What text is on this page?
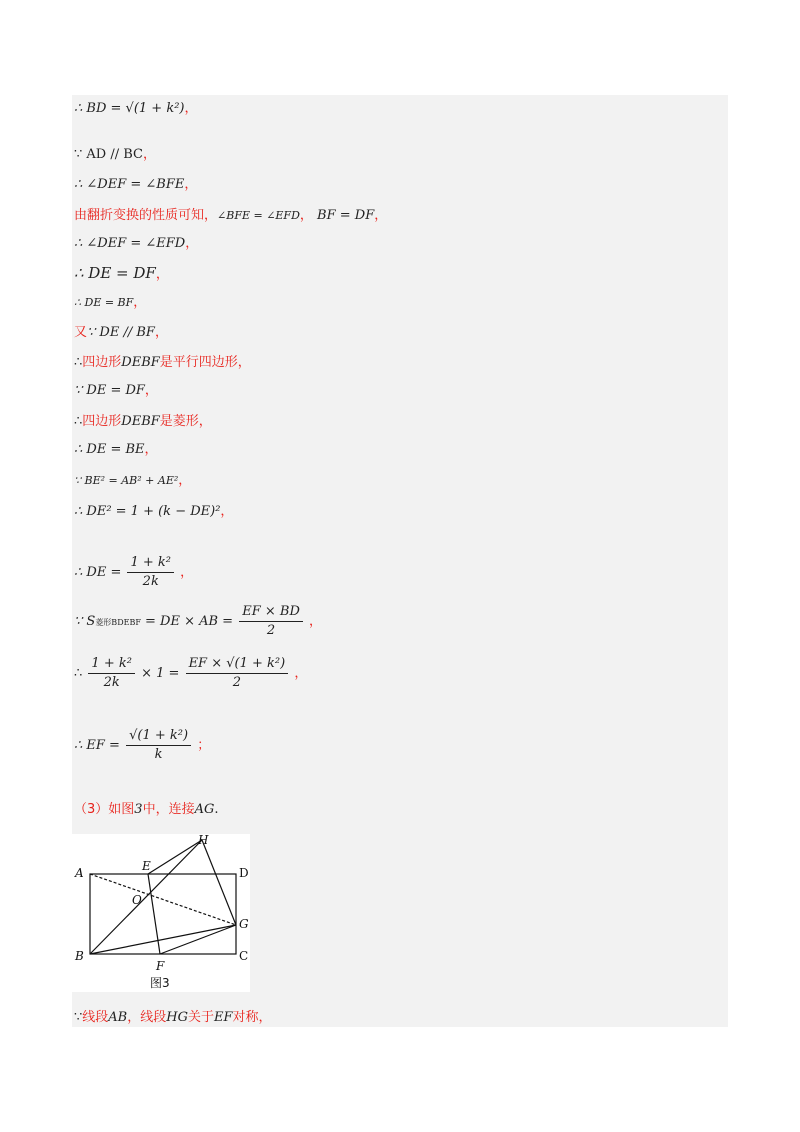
∴ BD = √(1 + k²)，
∵ AD // BC，
∴ ∠DEF = ∠BFE，
由翻折变换的性质可知，∠BFE = ∠EFD， BF = DF，
∴ ∠DEF = ∠EFD，
∴ DE = DF，
∴ DE = BF，
又∵ DE // BF，
∴四边形DEBF是平行四边形，
∵ DE = DF，
∴四边形DEBF是菱形，
∴ DE = BE，
∵ BE² = AB² + AE²，
∴ DE² = 1 + (k − DE)²，
∴ DE = $\frac{\text{1 + k²}}{2k}$ ，
∵ S菱形BDEBF = DE × AB = $\frac{EF \times BD}{2}$ ，
∴ $\frac{\text{1 + k²}}{2k} \times 1 = \frac{\text{EF × √(1 + k²)}}{2}$ ，
∴ EF = $\frac{\text{√(1 + k²)}}{k}$ ；
（3）如图3中，连接AG.
A
B	C
D
E
F
G
H
O
图3
∵线段AB，线段HG关于EF对称，
